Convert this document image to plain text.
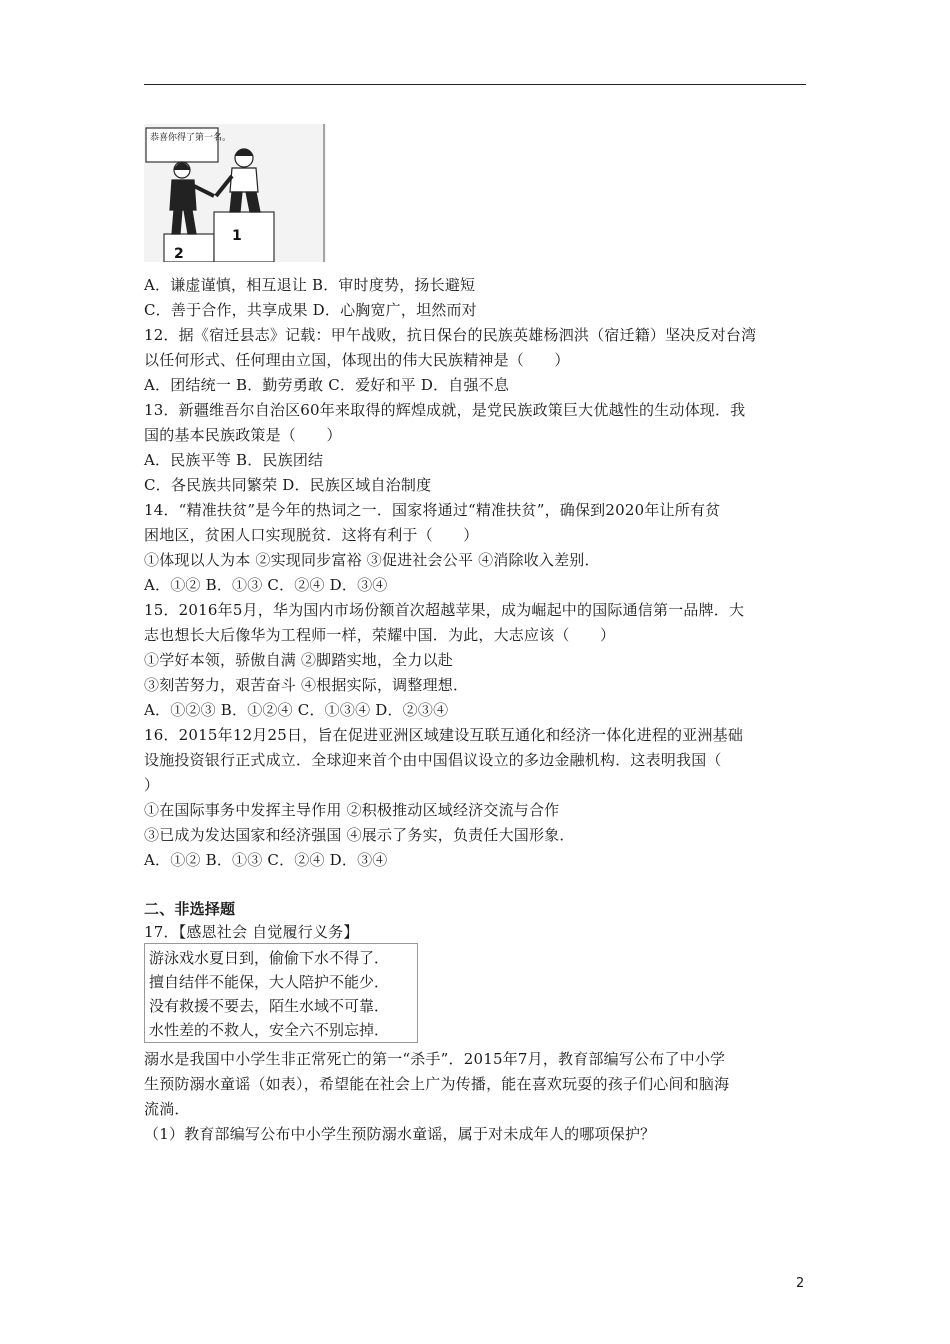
恭喜你得了第一名。
2
1
A．谦虚谨慎，相互退让 B．审时度势，扬长避短
C．善于合作，共享成果 D．心胸宽广，坦然而对
12．据《宿迁县志》记载：甲午战败，抗日保台的民族英雄杨泗洪（宿迁籍）坚决反对台湾
以任何形式、任何理由立国，体现出的伟大民族精神是（　　）
A．团结统一 B．勤劳勇敢 C．爱好和平 D．自强不息
13．新疆维吾尔自治区60年来取得的辉煌成就，是党民族政策巨大优越性的生动体现．我
国的基本民族政策是（　　）
A．民族平等 B．民族团结
C．各民族共同繁荣 D．民族区域自治制度
14．“精准扶贫”是今年的热词之一．国家将通过“精准扶贫”，确保到2020年让所有贫
困地区，贫困人口实现脱贫．这将有利于（　　）
①体现以人为本 ②实现同步富裕 ③促进社会公平 ④消除收入差别．
A．①② B．①③ C．②④ D．③④
15．2016年5月，华为国内市场份额首次超越苹果，成为崛起中的国际通信第一品牌．大
志也想长大后像华为工程师一样，荣耀中国．为此，大志应该（　　）
①学好本领，骄傲自满 ②脚踏实地，全力以赴
③刻苦努力，艰苦奋斗 ④根据实际，调整理想．
A．①②③ B．①②④ C．①③④ D．②③④
16．2015年12月25日，旨在促进亚洲区域建设互联互通化和经济一体化进程的亚洲基础
设施投资银行正式成立．全球迎来首个由中国倡议设立的多边金融机构．这表明我国（
）
①在国际事务中发挥主导作用 ②积极推动区域经济交流与合作
③已成为发达国家和经济强国 ④展示了务实，负责任大国形象．
A．①② B．①③ C．②④ D．③④
二、非选择题
17．【感恩社会 自觉履行义务】
游泳戏水夏日到，偷偷下水不得了．
擅自结伴不能保，大人陪护不能少．
没有救援不要去，陌生水域不可靠．
水性差的不救人，安全六不别忘掉．
溺水是我国中小学生非正常死亡的第一“杀手”．2015年7月，教育部编写公布了中小学
生预防溺水童谣（如表），希望能在社会上广为传播，能在喜欢玩耍的孩子们心间和脑海
流淌．
（1）教育部编写公布中小学生预防溺水童谣，属于对未成年人的哪项保护？
2
